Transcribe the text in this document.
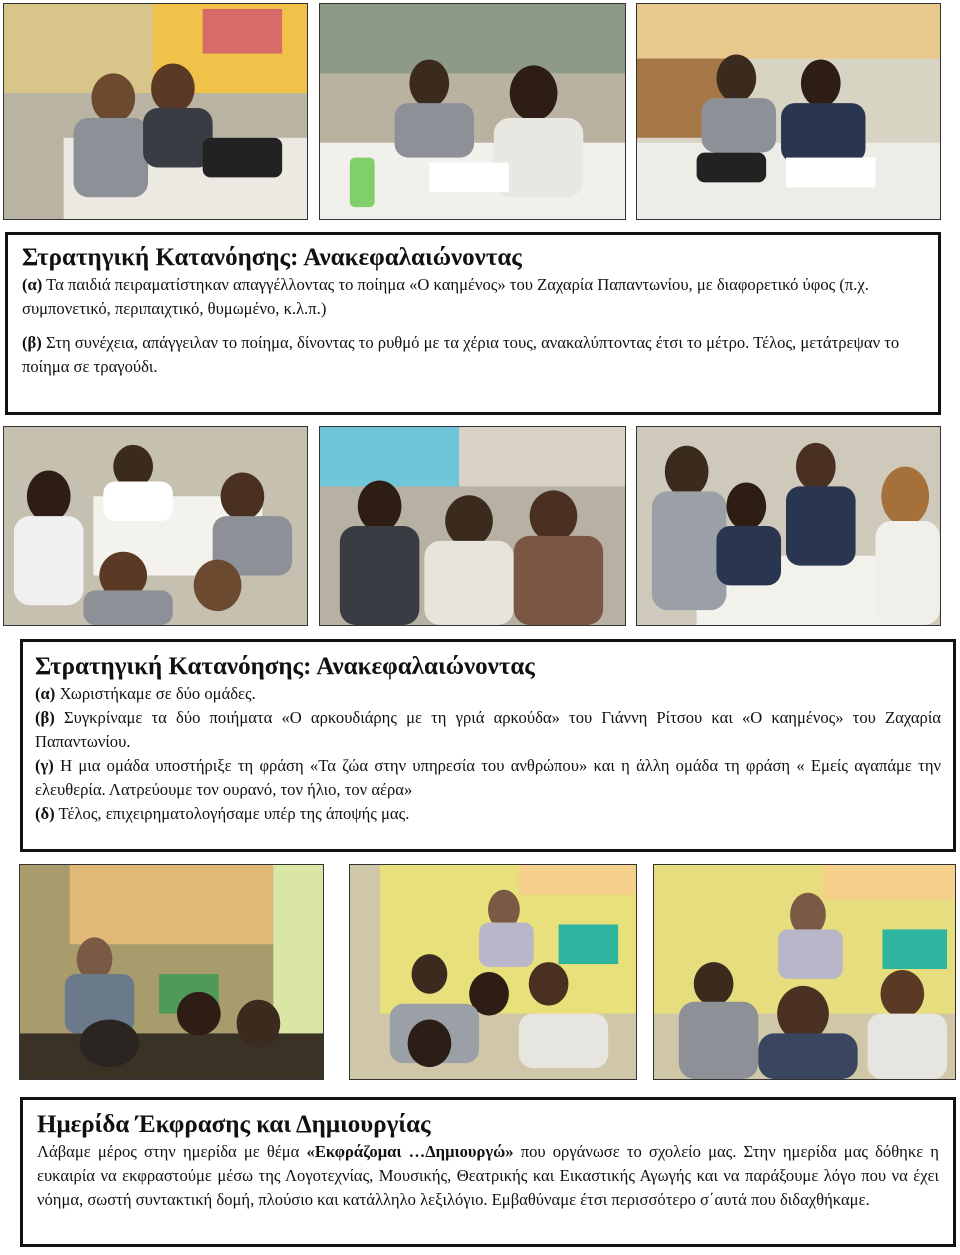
Στρατηγική Κατανόησης: Ανακεφαλαιώνοντας

(α) Τα παιδιά πειραματίστηκαν απαγγέλλοντας το ποίημα «Ο καημένος» του Ζαχαρία Παπαντωνίου, με διαφορετικό ύφος (π.χ. συμπονετικό, περιπαιχτικό, θυμωμένο, κ.λ.π.)

(β) Στη συνέχεια, απάγγειλαν το ποίημα, δίνοντας το ρυθμό με τα χέρια τους, ανακαλύπτοντας έτσι το μέτρο. Τέλος, μετάτρεψαν το ποίημα σε τραγούδι.

Στρατηγική Κατανόησης: Ανακεφαλαιώνοντας

(α) Χωριστήκαμε σε δύο ομάδες.

(β) Συγκρίναμε τα δύο ποιήματα «Ο αρκουδιάρης με τη γριά αρκούδα» του Γιάννη Ρίτσου και «Ο καημένος» του Ζαχαρία Παπαντωνίου.

(γ) Η μια ομάδα υποστήριξε τη φράση «Τα ζώα στην υπηρεσία του ανθρώπου» και η άλλη ομάδα τη φράση « Εμείς αγαπάμε την ελευθερία. Λατρεύουμε τον ουρανό, τον ήλιο, τον αέρα»

(δ) Τέλος, επιχειρηματολογήσαμε υπέρ της άποψής μας.

Ημερίδα Έκφρασης και Δημιουργίας

Λάβαμε μέρος στην ημερίδα με θέμα «Εκφράζομαι …Δημιουργώ» που οργάνωσε το σχολείο μας. Στην ημερίδα μας δόθηκε η ευκαιρία να εκφραστούμε μέσω της Λογοτεχνίας, Μουσικής, Θεατρικής και Εικαστικής Αγωγής και να παράξουμε λόγο που να έχει νόημα, σωστή συντακτική δομή, πλούσιο και κατάλληλο λεξιλόγιο. Εμβαθύναμε έτσι περισσότερο σ΄αυτά που διδαχθήκαμε.
